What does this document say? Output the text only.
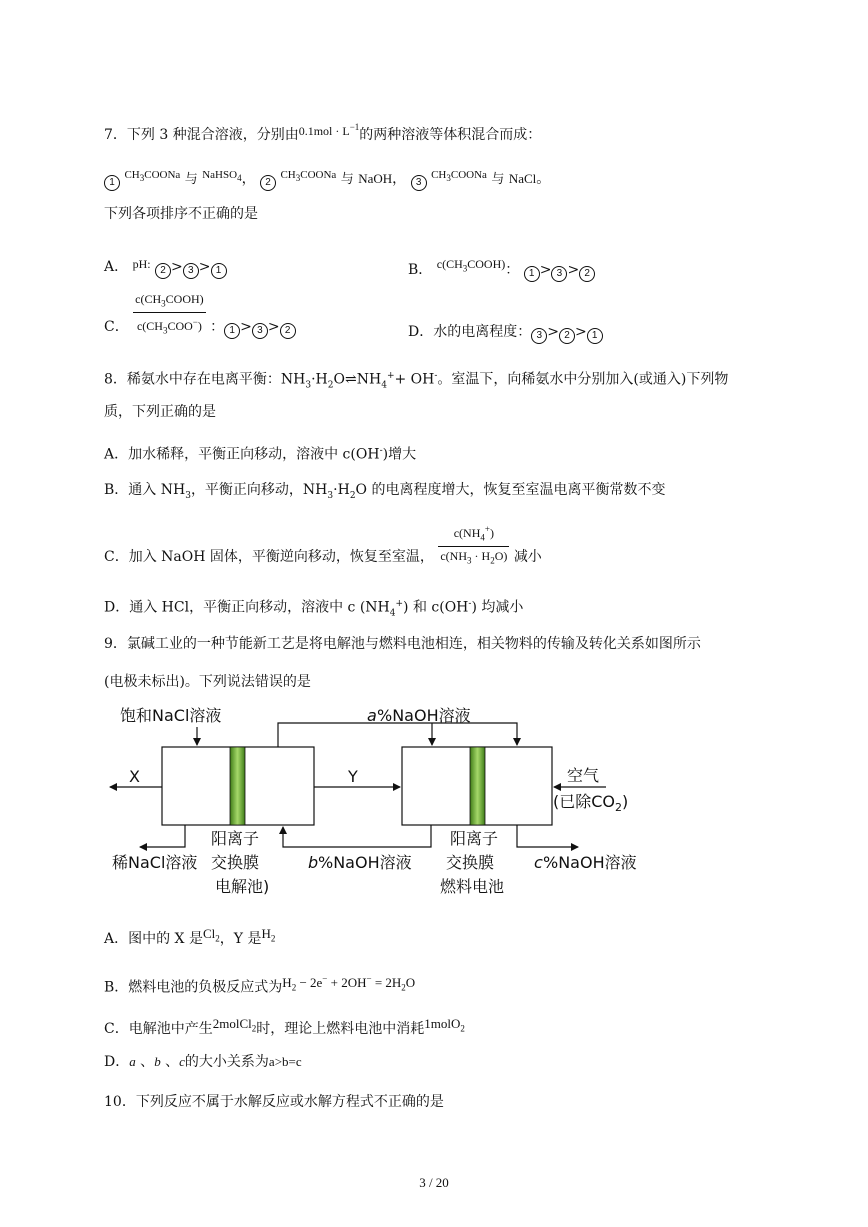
7．下列 3 种混合溶液，分别由$0.1mol \cdot L^{-1}$的两种溶液等体积混合而成：
1 $^{CH_3COONa}$ 与 $^{NaHSO_4}$， 2 $^{CH_3COONa}$ 与 NaOH， 3 $^{CH_3COONa}$ 与 NaCl。
下列各项排序不正确的是
A． pH: 2 > 3 > 1	B． $c(CH_3COOH)$： 1 > 3 > 2
C． $\frac{c(CH_3COOH)}{c(CH_3COO^-)}$ ： 1 > 3 > 2	D．水的电离程度： 3 > 2 > 1
8．稀氨水中存在电离平衡：$NH_3\cdot H_2O\rightleftharpoons NH_4^++ OH^-$。室温下，向稀氨水中分别加入(或通入)下列物
质，下列正确的是
A．加水稀释，平衡正向移动，溶液中 c(OH-)增大
B．通入 $NH_3$，平衡正向移动，$NH_3\cdot H_2O$ 的电离程度增大，恢复至室温电离平衡常数不变
C．加入 NaOH 固体，平衡逆向移动，恢复至室温， $\frac{c(NH_4^+)}{c(NH_3 \cdot H_2O)}$ 减小
D．通入 HCl，平衡正向移动，溶液中 c $(NH_4^+)$ 和 c(OH-) 均减小
9．氯碱工业的一种节能新工艺是将电解池与燃料电池相连，相关物料的传输及转化关系如图所示
(电极未标出)。下列说法错误的是
饱和NaCl溶液	a %NaOH溶液
X	Y	空气
(已除$CO_2$)
阳离子
稀NaCl溶液 交换膜
电解池)
b %NaOH溶液
阳离子
交换膜
燃料电池
c %NaOH溶液
A．图中的 X 是$Cl_2$，Y 是$H_2$
B．燃料电池的负极反应式为$H_2 - 2e^- + 2OH^- = 2H_2O$
C．电解池中产生2molCl$_2$时，理论上燃料电池中消耗1molO$_2$
D．a 、b 、c的大小关系为a>b=c
10．下列反应不属于水解反应或水解方程式不正确的是
3 / 20
